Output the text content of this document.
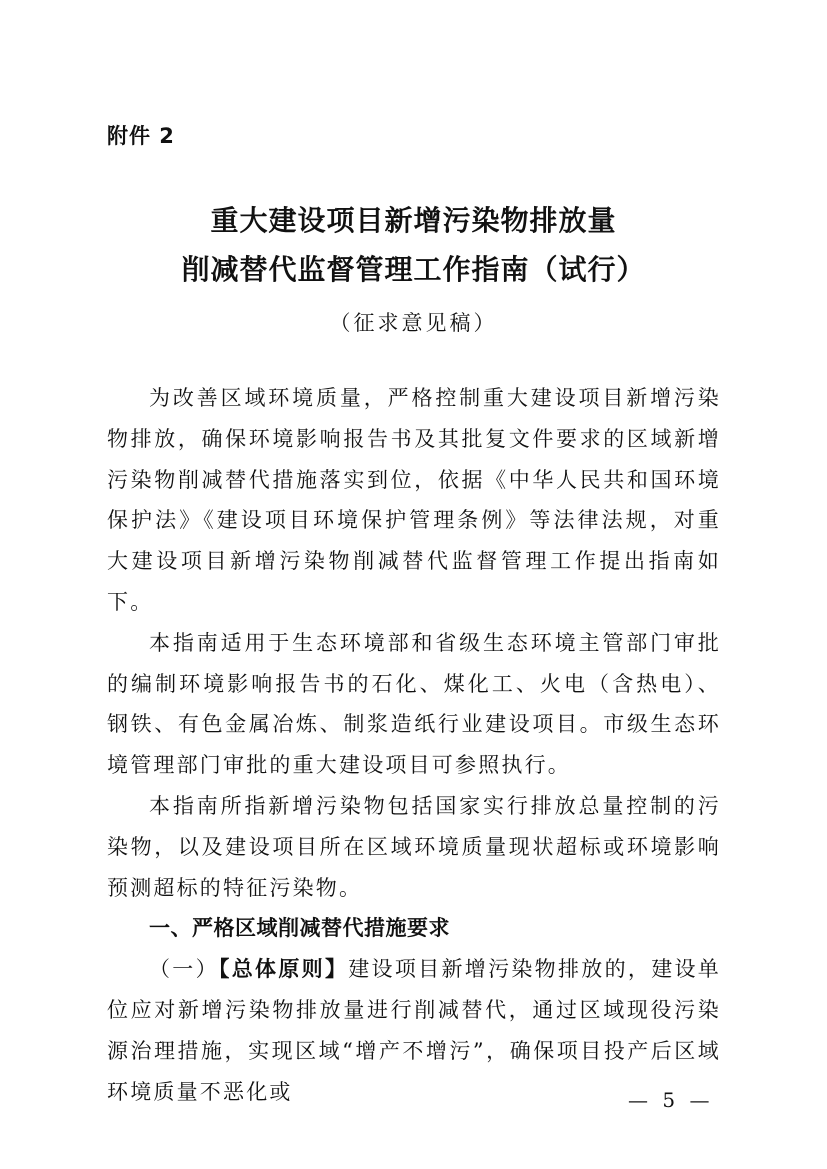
附件 2
重大建设项目新增污染物排放量
削减替代监督管理工作指南（试行）
（征求意见稿）

为改善区域环境质量，严格控制重大建设项目新增污染物排放，确保环境影响报告书及其批复文件要求的区域新增污染物削减替代措施落实到位，依据《中华人民共和国环境保护法》《建设项目环境保护管理条例》等法律法规，对重大建设项目新增污染物削减替代监督管理工作提出指南如下。

本指南适用于生态环境部和省级生态环境主管部门审批的编制环境影响报告书的石化、煤化工、火电（含热电）、钢铁、有色金属冶炼、制浆造纸行业建设项目。市级生态环境管理部门审批的重大建设项目可参照执行。

本指南所指新增污染物包括国家实行排放总量控制的污染物，以及建设项目所在区域环境质量现状超标或环境影响预测超标的特征污染物。

一、严格区域削减替代措施要求

（一）【总体原则】建设项目新增污染物排放的，建设单位应对新增污染物排放量进行削减替代，通过区域现役污染源治理措施，实现区域“增产不增污”，确保项目投产后区域环境质量不恶化或	— 5 —
